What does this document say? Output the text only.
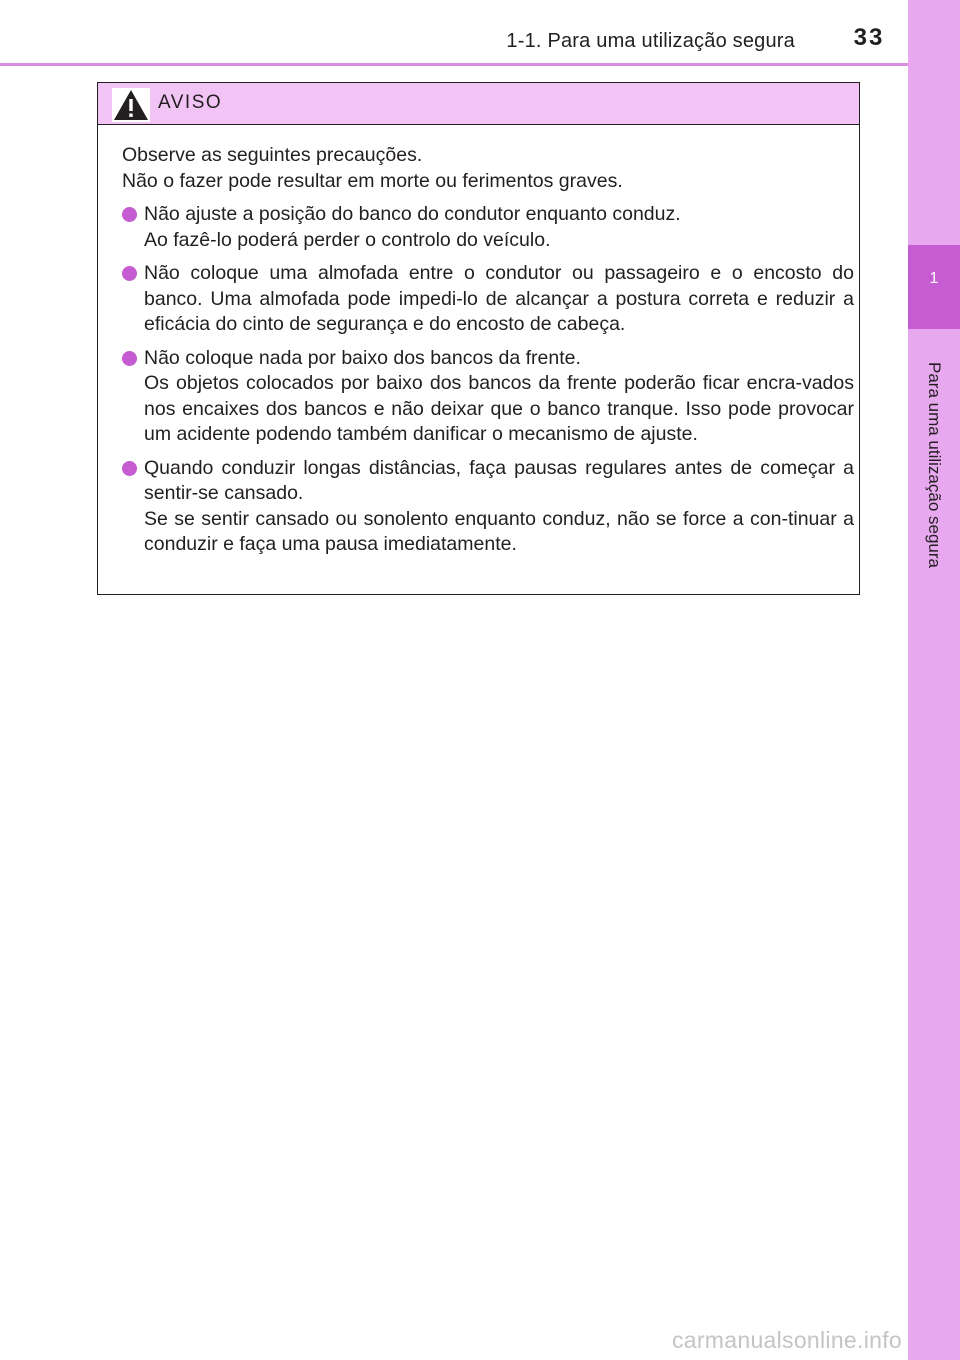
1-1. Para uma utilização segura	33
1
Para uma utilização segura
AVISO

Observe as seguintes precauções.

Não o fazer pode resultar em morte ou ferimentos graves.

Não ajuste a posição do banco do condutor enquanto conduz.

Ao fazê-lo poderá perder o controlo do veículo.

Não coloque uma almofada entre o condutor ou passageiro e o encosto do banco. Uma almofada pode impedi-lo de alcançar a postura correta e reduzir a eficácia do cinto de segurança e do encosto de cabeça.

Não coloque nada por baixo dos bancos da frente.

Os objetos colocados por baixo dos bancos da frente poderão ficar encra-vados nos encaixes dos bancos e não deixar que o banco tranque. Isso pode provocar um acidente podendo também danificar o mecanismo de ajuste.

Quando conduzir longas distâncias, faça pausas regulares antes de começar a sentir-se cansado.

Se se sentir cansado ou sonolento enquanto conduz, não se force a con-tinuar a conduzir e faça uma pausa imediatamente.

carmanualsonline.info
